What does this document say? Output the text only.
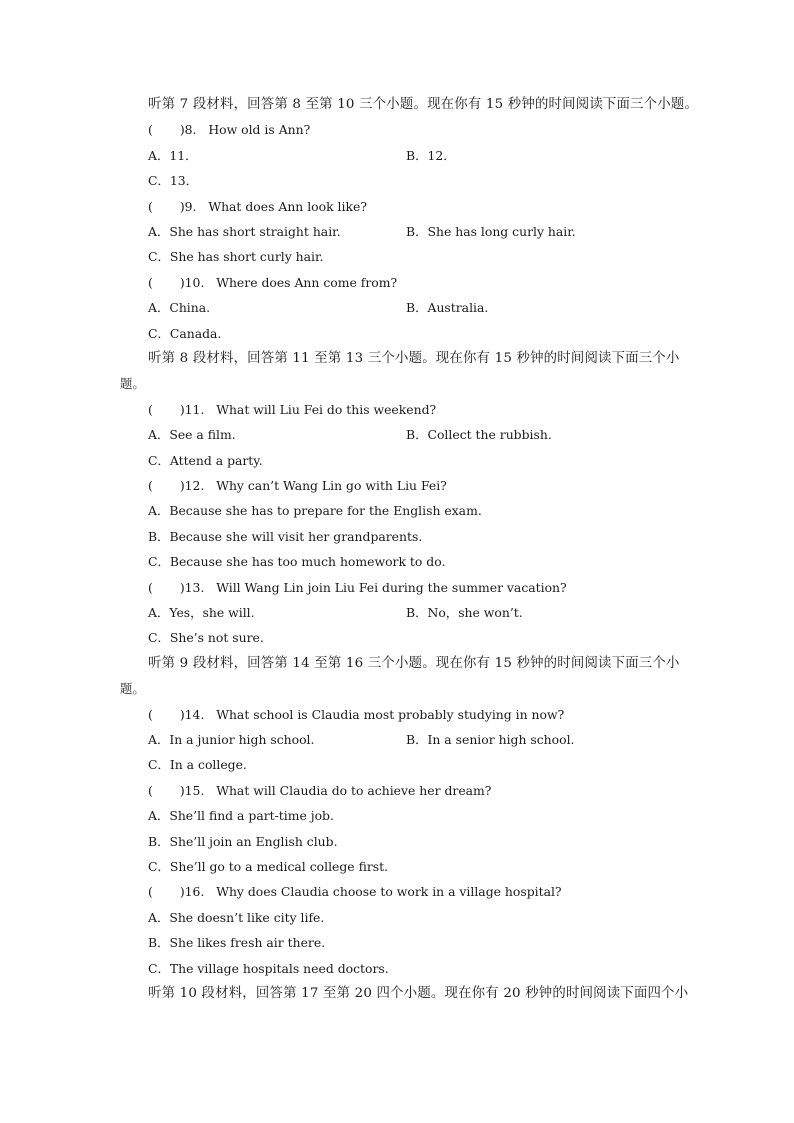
听第 7 段材料，回答第 8 至第 10 三个小题。现在你有 15 秒钟的时间阅读下面三个小题。
( )8. How old is Ann?
A．11．	B．12．
C．13．
( )9. What does Ann look like?
A．She has short straight hair.	B．She has long curly hair.
C．She has short curly hair.
( )10. Where does Ann come from?
A．China.	B．Australia.
C．Canada.
听第 8 段材料，回答第 11 至第 13 三个小题。现在你有 15 秒钟的时间阅读下面三个小
题。
( )11. What will Liu Fei do this weekend?
A．See a film.	B．Collect the rubbish.
C．Attend a party.
( )12. Why can’t Wang Lin go with Liu Fei?
A．Because she has to prepare for the English exam.
B．Because she will visit her grandparents.
C．Because she has too much homework to do.
( )13. Will Wang Lin join Liu Fei during the summer vacation?
A．Yes，she will.	B．No，she won’t.
C．She’s not sure.
听第 9 段材料，回答第 14 至第 16 三个小题。现在你有 15 秒钟的时间阅读下面三个小
题。
( )14. What school is Claudia most probably studying in now?
A．In a junior high school.	B．In a senior high school.
C．In a college.
( )15. What will Claudia do to achieve her dream?
A．She’ll find a part-time job.
B．She’ll join an English club.
C．She’ll go to a medical college first.
( )16. Why does Claudia choose to work in a village hospital?
A．She doesn’t like city life.
B．She likes fresh air there.
C．The village hospitals need doctors.
听第 10 段材料，回答第 17 至第 20 四个小题。现在你有 20 秒钟的时间阅读下面四个小
